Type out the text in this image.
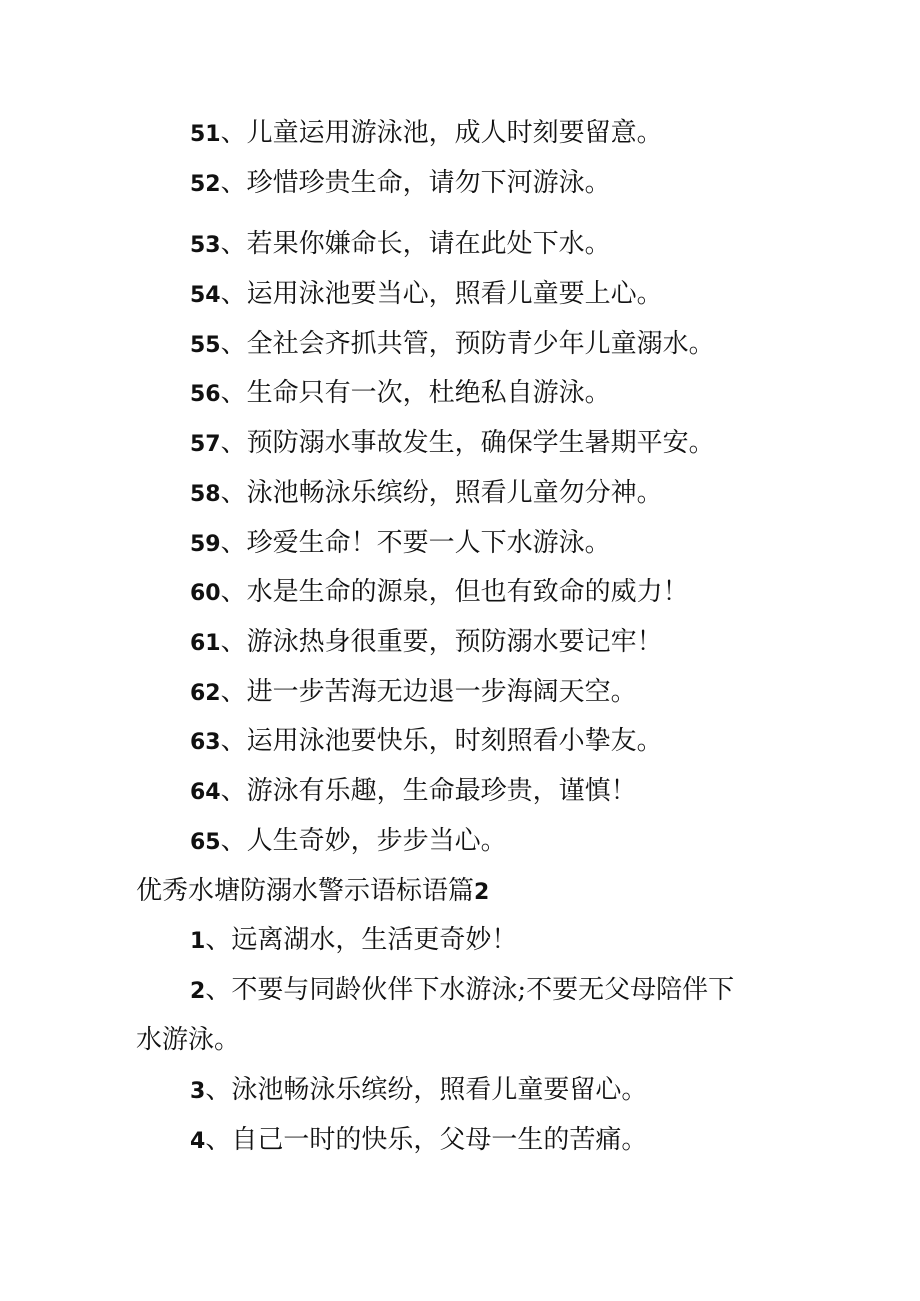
51、儿童运用游泳池，成人时刻要留意。
52、珍惜珍贵生命，请勿下河游泳。
53、若果你嫌命长，请在此处下水。
54、运用泳池要当心，照看儿童要上心。
55、全社会齐抓共管，预防青少年儿童溺水。
56、生命只有一次，杜绝私自游泳。
57、预防溺水事故发生，确保学生暑期平安。
58、泳池畅泳乐缤纷，照看儿童勿分神。
59、珍爱生命！不要一人下水游泳。
60、水是生命的源泉，但也有致命的威力！
61、游泳热身很重要，预防溺水要记牢！
62、进一步苦海无边退一步海阔天空。
63、运用泳池要快乐，时刻照看小挚友。
64、游泳有乐趣，生命最珍贵，谨慎！
65、人生奇妙，步步当心。
优秀水塘防溺水警示语标语篇2
1、远离湖水，生活更奇妙！
2、不要与同龄伙伴下水游泳;不要无父母陪伴下
水游泳。
3、泳池畅泳乐缤纷，照看儿童要留心。
4、自己一时的快乐，父母一生的苦痛。
